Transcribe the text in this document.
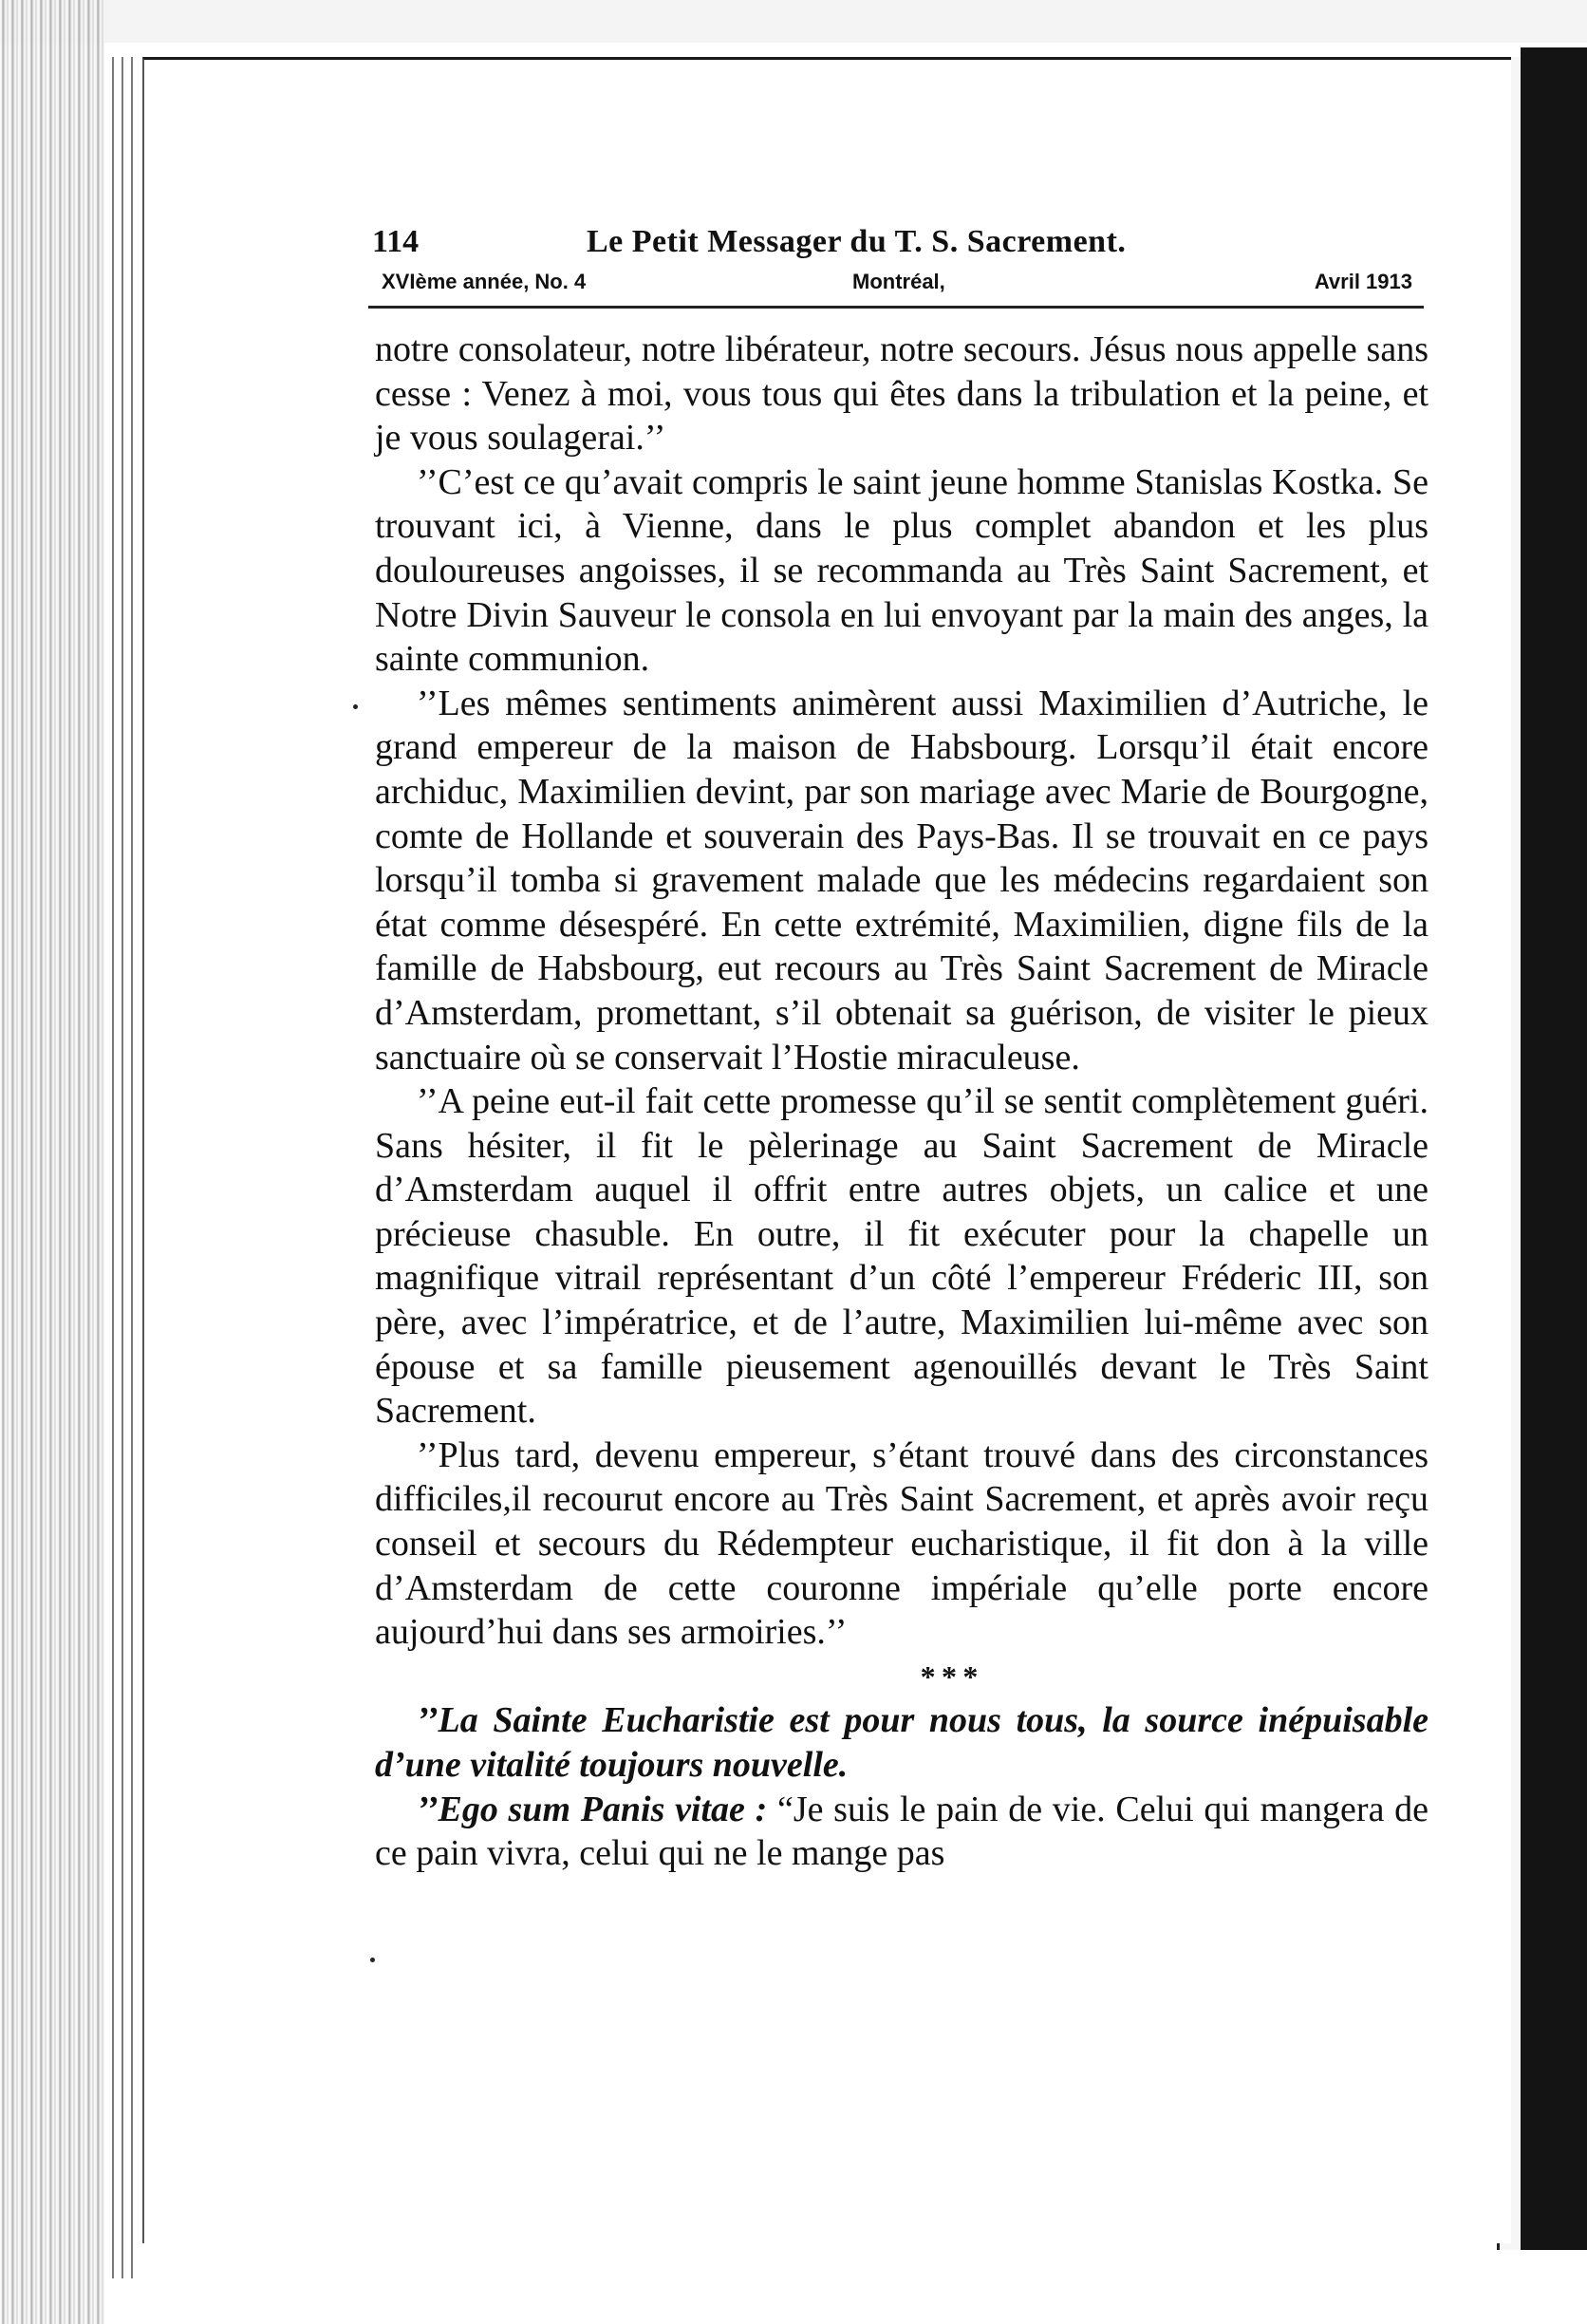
114	Le Petit Messager du T. S. Sacrement.
XVIème année, No. 4	Montréal,	Avril 1913

notre consolateur, notre libérateur, notre secours. Jésus nous appelle sans cesse : Venez à moi, vous tous qui êtes dans la tribulation et la peine, et je vous soulagerai.’’

’’C’est ce qu’avait compris le saint jeune homme Stanislas Kostka. Se trouvant ici, à Vienne, dans le plus complet abandon et les plus douloureuses angoisses, il se recommanda au Très Saint Sacrement, et Notre Divin Sauveur le consola en lui envoyant par la main des anges, la sainte communion.

’’Les mêmes sentiments animèrent aussi Maximilien d’Autriche, le grand empereur de la maison de Habsbourg. Lorsqu’il était encore archiduc, Maximilien devint, par son mariage avec Marie de Bourgogne, comte de Hollande et souverain des Pays-Bas. Il se trouvait en ce pays lorsqu’il tomba si gravement malade que les médecins regardaient son état comme désespéré. En cette extrémité, Maximilien, digne fils de la famille de Habsbourg, eut recours au Très Saint Sacrement de Miracle d’Amsterdam, promettant, s’il obtenait sa guérison, de visiter le pieux sanctuaire où se conservait l’Hostie miraculeuse.

’’A peine eut-il fait cette promesse qu’il se sentit complètement guéri. Sans hésiter, il fit le pèlerinage au Saint Sacrement de Miracle d’Amsterdam auquel il offrit entre autres objets, un calice et une précieuse chasuble. En outre, il fit exécuter pour la chapelle un magnifique vitrail représentant d’un côté l’empereur Fréderic III, son père, avec l’impératrice, et de l’autre, Maximilien lui-même avec son épouse et sa famille pieusement agenouillés devant le Très Saint Sacrement.

’’Plus tard, devenu empereur, s’étant trouvé dans des circonstances difficiles,il recourut encore au Très Saint Sacrement, et après avoir reçu conseil et secours du Rédempteur eucharistique, il fit don à la ville d’Amsterdam de cette couronne impériale qu’elle porte encore aujourd’hui dans ses armoiries.’’

* * *

’’La Sainte Eucharistie est pour nous tous, la source inépuisable d’une vitalité toujours nouvelle.

’’Ego sum Panis vitae : “Je suis le pain de vie. Celui qui mangera de ce pain vivra, celui qui ne le mange pas
